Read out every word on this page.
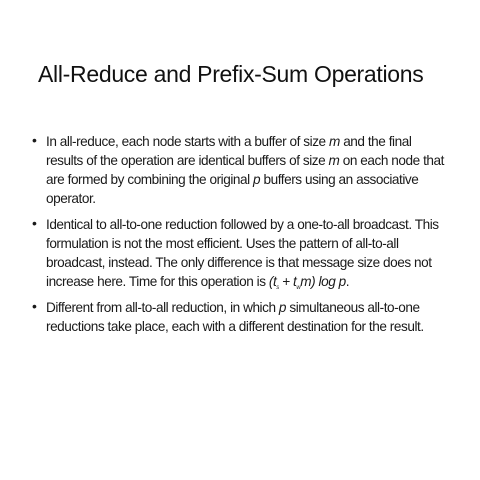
All-Reduce and Prefix-Sum Operations
• In all-reduce, each node starts with a buffer of size m and the final results of the operation are identical buffers of size m on each node that are formed by combining the original p buffers using an associative operator.
• Identical to all-to-one reduction followed by a one-to-all broadcast. This formulation is not the most efficient. Uses the pattern of all-to-all broadcast, instead. The only difference is that message size does not increase here. Time for this operation is $(t_s + t_wm)$ log p.
• Different from all-to-all reduction, in which p simultaneous all-to-one reductions take place, each with a different destination for the result.
